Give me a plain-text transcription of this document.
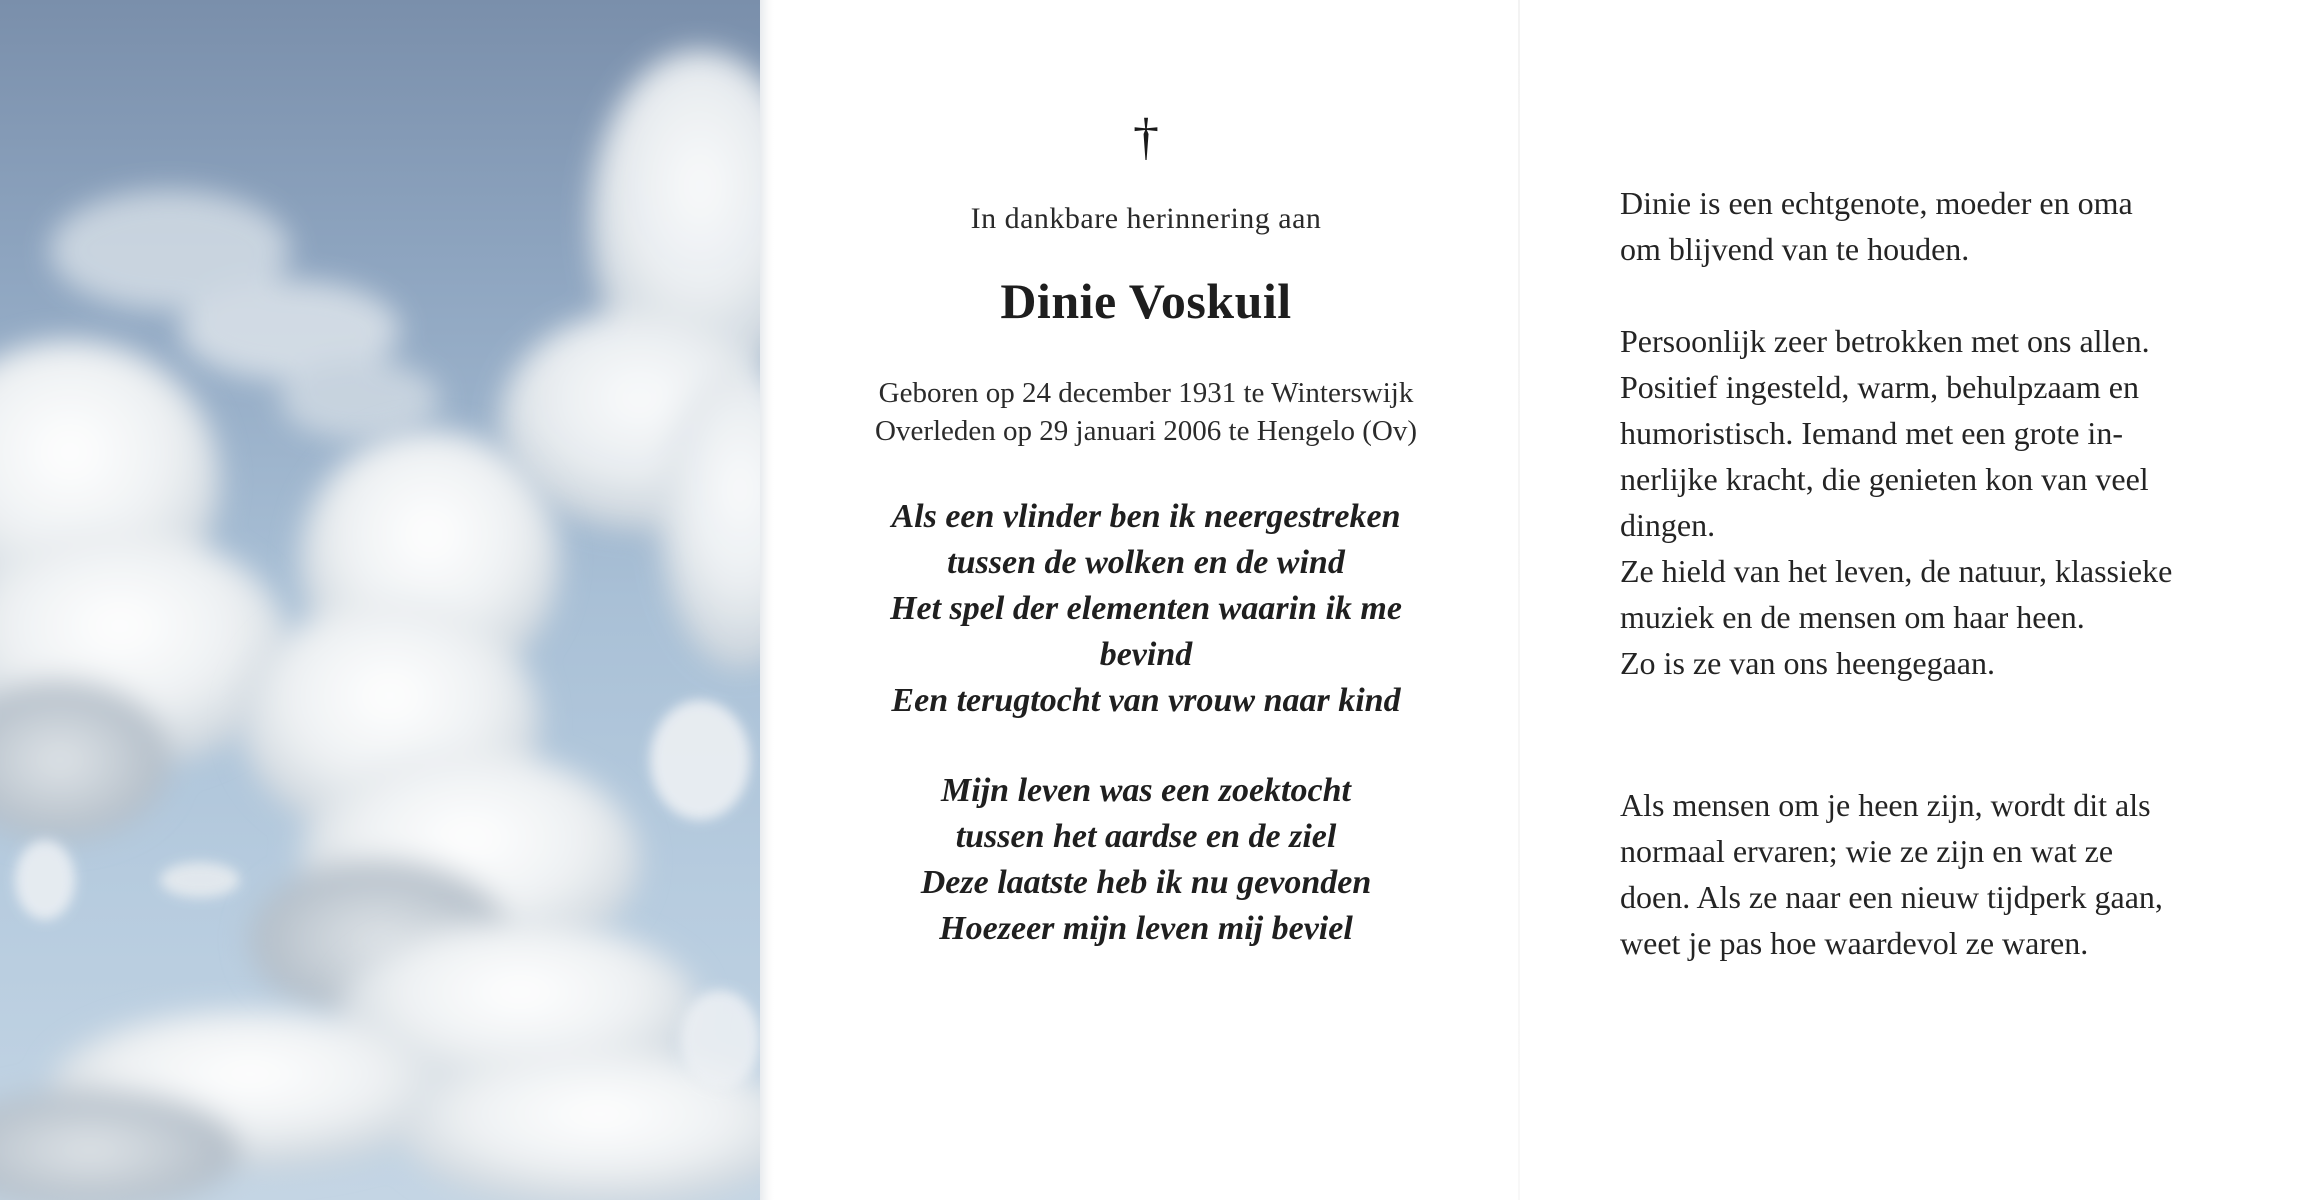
†
In dankbare herinnering aan
Dinie Voskuil
Geboren op 24 december 1931 te Winterswijk
Overleden op 29 januari 2006 te Hengelo (Ov)
Als een vlinder ben ik neergestreken
tussen de wolken en de wind
Het spel der elementen waarin ik me
bevind
Een terugtocht van vrouw naar kind
Mijn leven was een zoektocht
tussen het aardse en de ziel
Deze laatste heb ik nu gevonden
Hoezeer mijn leven mij beviel
Dinie is een echtgenote, moeder en oma
om blijvend van te houden.
Persoonlijk zeer betrokken met ons allen.
Positief ingesteld, warm, behulpzaam en
humoristisch. Iemand met een grote in-
nerlijke kracht, die genieten kon van veel
dingen.
Ze hield van het leven, de natuur, klassieke
muziek en de mensen om haar heen.
Zo is ze van ons heengegaan.
Als mensen om je heen zijn, wordt dit als
normaal ervaren; wie ze zijn en wat ze
doen. Als ze naar een nieuw tijdperk gaan,
weet je pas hoe waardevol ze waren.
